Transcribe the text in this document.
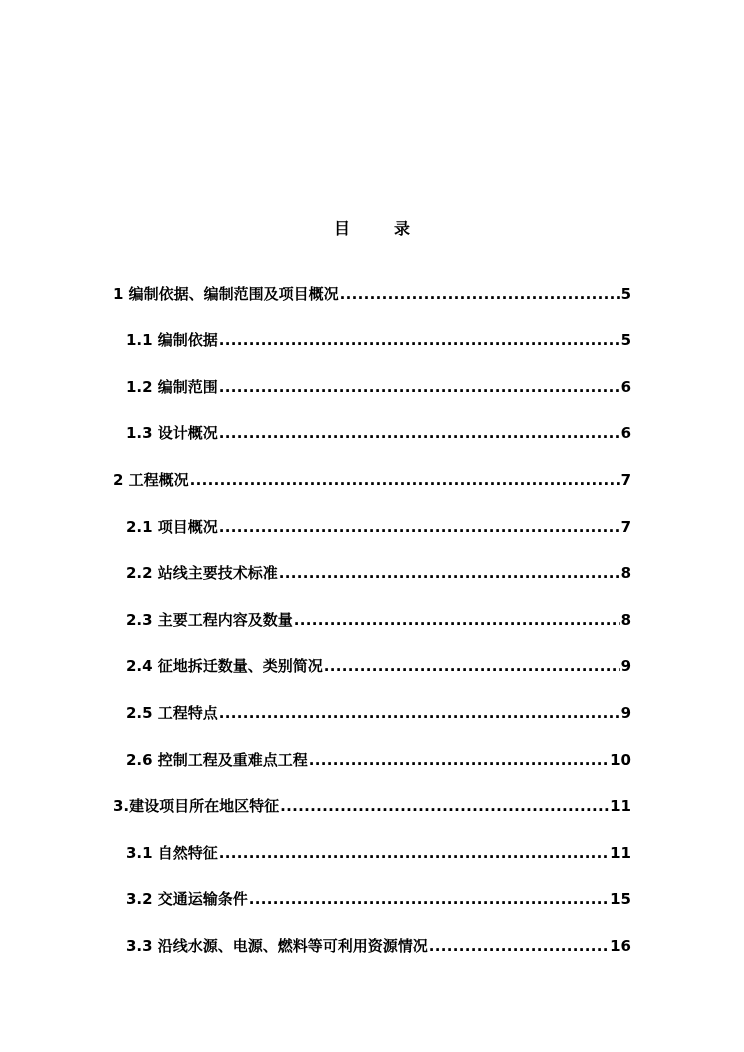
目	录
1 编制依据、编制范围及项目概况 .....	5
1.1 编制依据 .....	5
1.2 编制范围 .....	6
1.3 设计概况 .....	6
2 工程概况 .....	7
2.1 项目概况 .....	7
2.2 站线主要技术标准 .....	8
2.3 主要工程内容及数量 .....	8
2.4 征地拆迁数量、类别简况 .....	9
2.5 工程特点 .....	9
2.6 控制工程及重难点工程 .....	10
3.建设项目所在地区特征 .....	11
3.1 自然特征 .....	11
3.2 交通运输条件 .....	15
3.3 沿线水源、电源、燃料等可利用资源情况 .....	16
